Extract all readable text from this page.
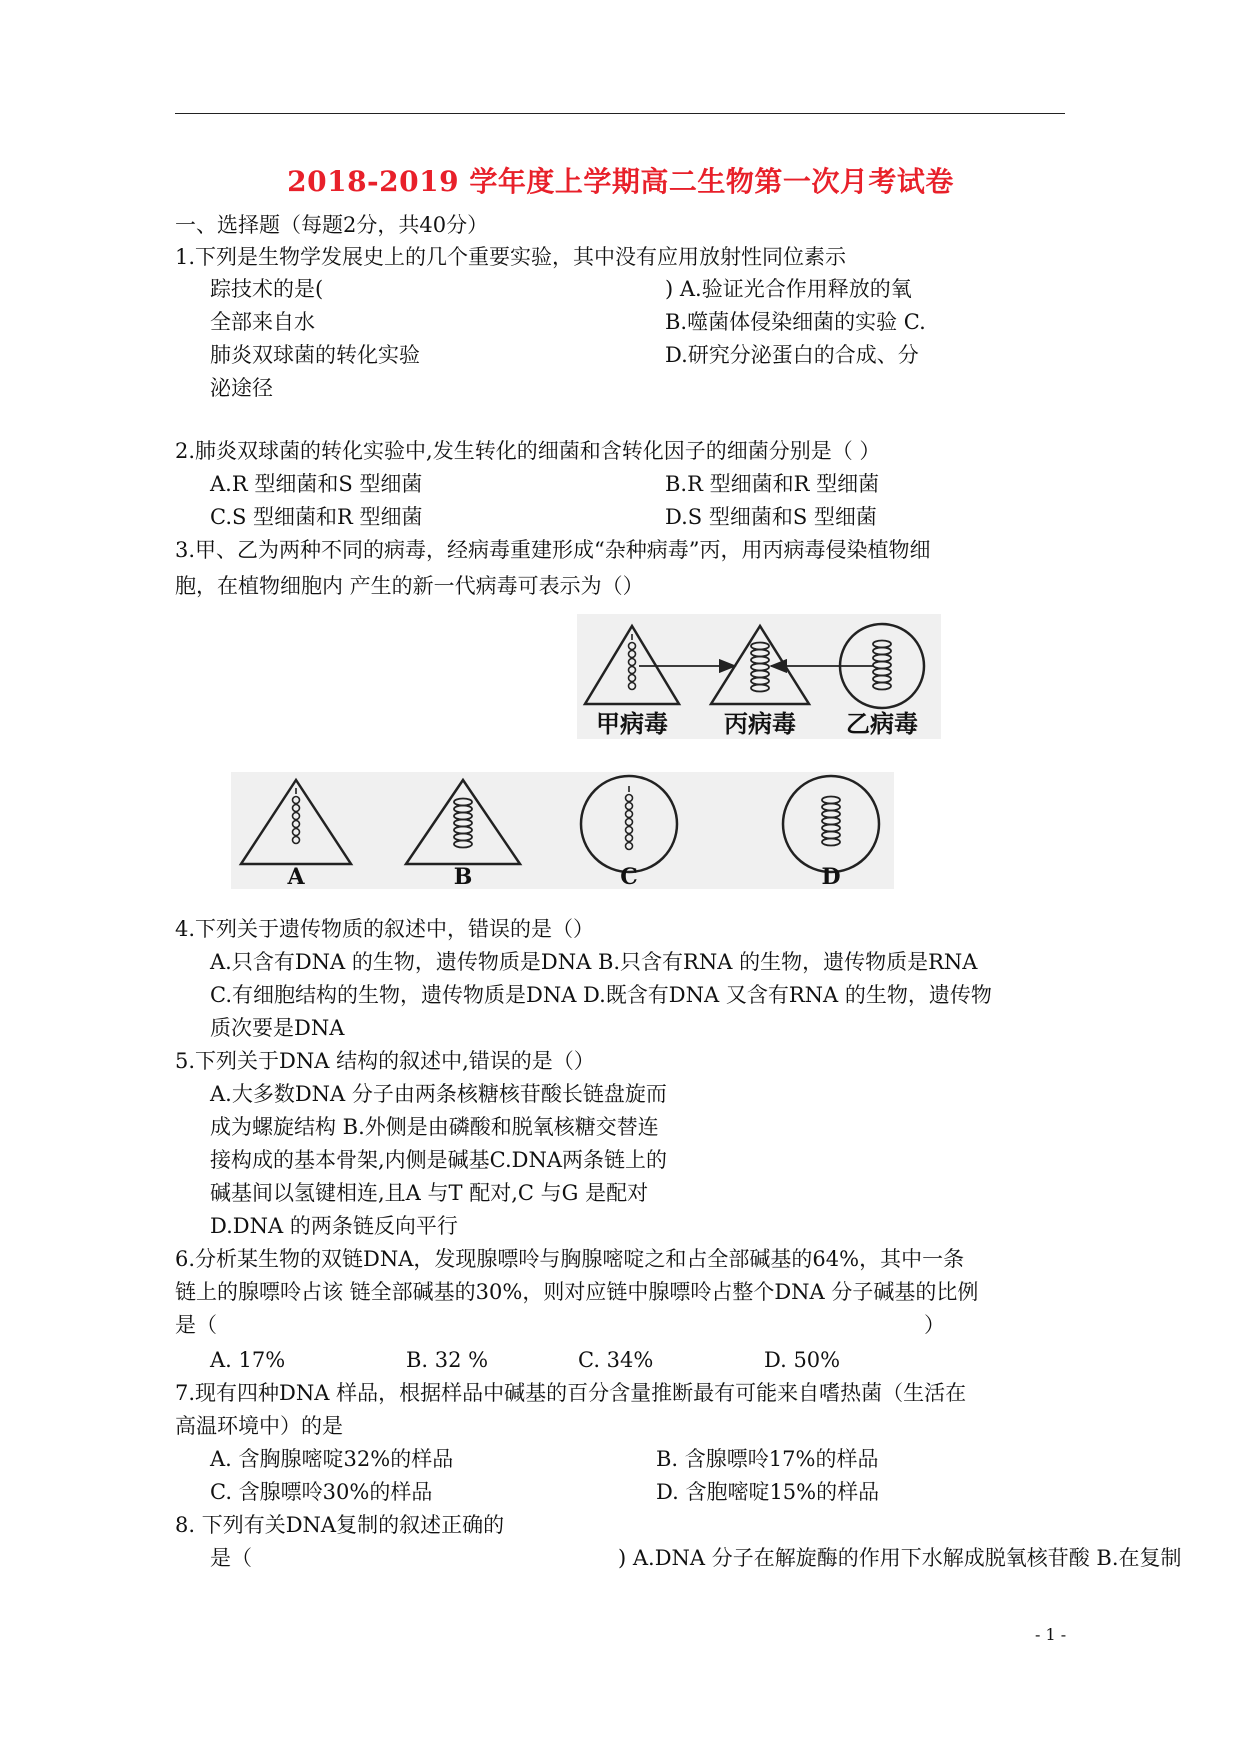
2018-2019 学年度上学期高二生物第一次月考试卷
一、选择题（每题2分，共40分）
1.下列是生物学发展史上的几个重要实验，其中没有应用放射性同位素示
踪技术的是(	) A.验证光合作用释放的氧
全部来自水	B.噬菌体侵染细菌的实验 C.
肺炎双球菌的转化实验	D.研究分泌蛋白的合成、分
泌途径
2.肺炎双球菌的转化实验中,发生转化的细菌和含转化因子的细菌分别是（ ）
A.R 型细菌和S 型细菌	B.R 型细菌和R 型细菌
C.S 型细菌和R 型细菌	D.S 型细菌和S 型细菌
3.甲、乙为两种不同的病毒，经病毒重建形成“杂种病毒”丙，用丙病毒侵染植物细
胞，在植物细胞内 产生的新一代病毒可表示为（）
甲病毒 丙病毒 乙病毒
A	B	C	D
4.下列关于遗传物质的叙述中，错误的是（）
A.只含有DNA 的生物，遗传物质是DNA B.只含有RNA 的生物，遗传物质是RNA
C.有细胞结构的生物，遗传物质是DNA D.既含有DNA 又含有RNA 的生物，遗传物
质次要是DNA
5.下列关于DNA 结构的叙述中,错误的是（）
A.大多数DNA 分子由两条核糖核苷酸长链盘旋而
成为螺旋结构 B.外侧是由磷酸和脱氧核糖交替连
接构成的基本骨架,内侧是碱基C.DNA两条链上的
碱基间以氢键相连,且A 与T 配对,C 与G 是配对
D.DNA 的两条链反向平行
6.分析某生物的双链DNA，发现腺嘌呤与胸腺嘧啶之和占全部碱基的64%，其中一条
链上的腺嘌呤占该 链全部碱基的30%，则对应链中腺嘌呤占整个DNA 分子碱基的比例
是（	）
A. 17%	B. 32 %	C. 34%	D. 50%
7.现有四种DNA 样品，根据样品中碱基的百分含量推断最有可能来自嗜热菌（生活在
高温环境中）的是
A. 含胸腺嘧啶32%的样品	B. 含腺嘌呤17%的样品
C. 含腺嘌呤30%的样品	D. 含胞嘧啶15%的样品
8. 下列有关DNA复制的叙述正确的
是（	) A.DNA 分子在解旋酶的作用下水解成脱氧核苷酸 B.在复制
- 1 -
